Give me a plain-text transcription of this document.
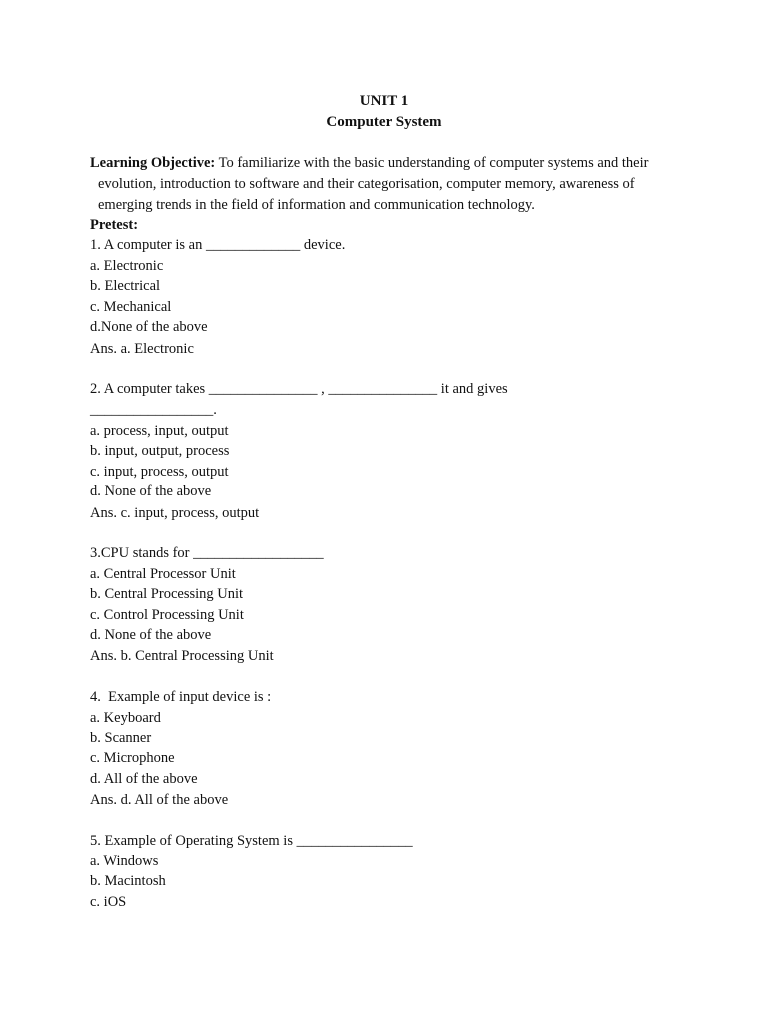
UNIT 1
Computer System
Learning Objective: To familiarize with the basic understanding of computer systems and their
evolution, introduction to software and their categorisation, computer memory, awareness of
emerging trends in the field of information and communication technology.
Pretest:
1. A computer is an _____________ device.
a. Electronic
b. Electrical
c. Mechanical
d.None of the above
Ans. a. Electronic
2. A computer takes _______________ , _______________ it and gives
_________________.
a. process, input, output
b. input, output, process
c. input, process, output
d. None of the above
Ans. c. input, process, output
3.CPU stands for __________________
a. Central Processor Unit
b. Central Processing Unit
c. Control Processing Unit
d. None of the above
Ans. b. Central Processing Unit
4.  Example of input device is :
a. Keyboard
b. Scanner
c. Microphone
d. All of the above
Ans. d. All of the above
5. Example of Operating System is ________________
a. Windows
b. Macintosh
c. iOS
